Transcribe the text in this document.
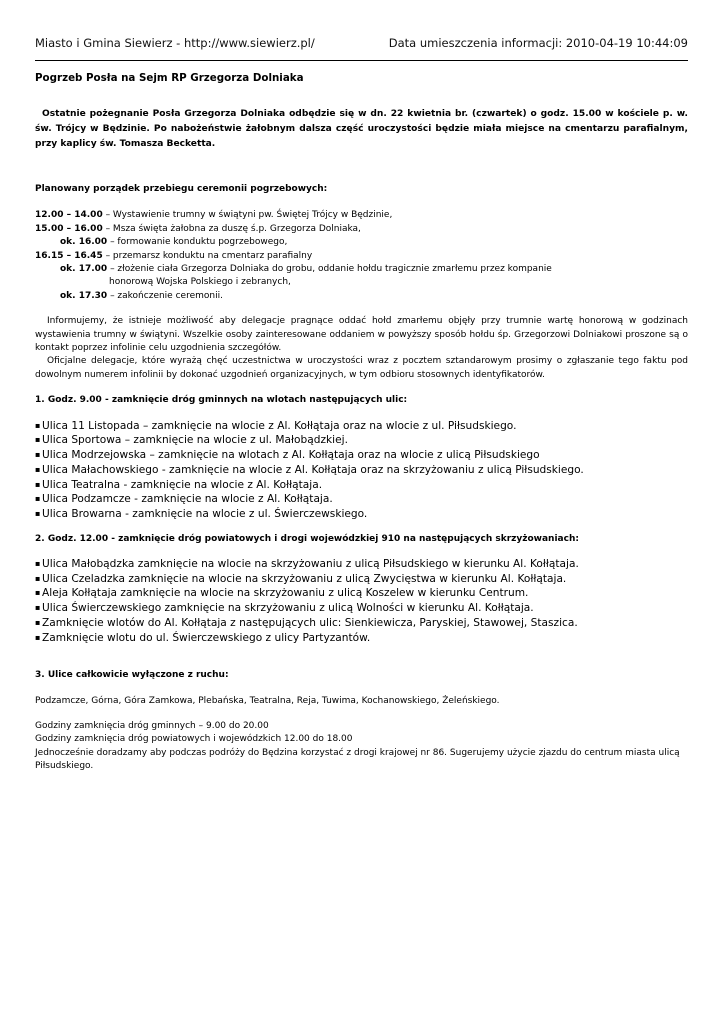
Miasto i Gmina Siewierz - http://www.siewierz.pl/	Data umieszczenia informacji: 2010-04-19 10:44:09

Pogrzeb Posła na Sejm RP Grzegorza Dolniaka

Ostatnie pożegnanie Posła Grzegorza Dolniaka odbędzie się w dn. 22 kwietnia br. (czwartek) o godz. 15.00 w kościele p. w. św. Trójcy w Będzinie. Po nabożeństwie żałobnym dalsza część uroczystości będzie miała miejsce na cmentarzu parafialnym, przy kaplicy św. Tomasza Becketta.

Planowany porządek przebiegu ceremonii pogrzebowych:

12.00 – 14.00 – Wystawienie trumny w świątyni pw. Świętej Trójcy w Będzinie,

15.00 – 16.00 – Msza święta żałobna za duszę ś.p. Grzegorza Dolniaka,

ok. 16.00 – formowanie konduktu pogrzebowego,

16.15 – 16.45 – przemarsz konduktu na cmentarz parafialny

ok. 17.00 – złożenie ciała Grzegorza Dolniaka do grobu, oddanie hołdu tragicznie zmarłemu przez kompanie

honorową Wojska Polskiego i zebranych,

ok. 17.30 – zakończenie ceremonii.

Informujemy, że istnieje możliwość aby delegacje pragnące oddać hołd zmarłemu objęły przy trumnie wartę honorową w godzinach wystawienia trumny w świątyni. Wszelkie osoby zainteresowane oddaniem w powyższy sposób hołdu śp. Grzegorzowi Dolniakowi proszone są o kontakt poprzez infolinie celu uzgodnienia szczegółów.

Oficjalne delegacje, które wyrażą chęć uczestnictwa w uroczystości wraz z pocztem sztandarowym prosimy o zgłaszanie tego faktu pod dowolnym numerem infolinii by dokonać uzgodnień organizacyjnych, w tym odbioru stosownych identyfikatorów.

1. Godz. 9.00 - zamknięcie dróg gminnych na wlotach następujących ulic:

▪ Ulica 11 Listopada – zamknięcie na wlocie z Al. Kołłątaja oraz na wlocie z ul. Piłsudskiego.
▪ Ulica Sportowa – zamknięcie na wlocie z ul. Małobądzkiej.
▪ Ulica Modrzejowska – zamknięcie na wlotach z Al. Kołłątaja oraz na wlocie z ulicą Piłsudskiego
▪ Ulica Małachowskiego - zamknięcie na wlocie z Al. Kołłątaja oraz na skrzyżowaniu z ulicą Piłsudskiego.
▪ Ulica Teatralna - zamknięcie na wlocie z Al. Kołłątaja.
▪ Ulica Podzamcze - zamknięcie na wlocie z Al. Kołłątaja.
▪ Ulica Browarna - zamknięcie na wlocie z ul. Świerczewskiego.

2. Godz. 12.00 - zamknięcie dróg powiatowych i drogi wojewódzkiej 910 na następujących skrzyżowaniach:

▪ Ulica Małobądzka zamknięcie na wlocie na skrzyżowaniu z ulicą Piłsudskiego w kierunku Al. Kołłątaja.
▪ Ulica Czeladzka zamknięcie na wlocie na skrzyżowaniu z ulicą Zwycięstwa w kierunku Al. Kołłątaja.
▪ Aleja Kołłątaja zamknięcie na wlocie na skrzyżowaniu z ulicą Koszelew w kierunku Centrum.
▪ Ulica Świerczewskiego zamknięcie na skrzyżowaniu z ulicą Wolności w kierunku Al. Kołłątaja.
▪ Zamknięcie wlotów do Al. Kołłątaja z następujących ulic: Sienkiewicza, Paryskiej, Stawowej, Staszica.
▪ Zamknięcie wlotu do ul. Świerczewskiego z ulicy Partyzantów.

3. Ulice całkowicie wyłączone z ruchu:

Podzamcze, Górna, Góra Zamkowa, Plebańska, Teatralna, Reja, Tuwima, Kochanowskiego, Żeleńskiego.

Godziny zamknięcia dróg gminnych – 9.00 do 20.00

Godziny zamknięcia dróg powiatowych i wojewódzkich 12.00 do 18.00

Jednocześnie doradzamy aby podczas podróży do Będzina korzystać z drogi krajowej nr 86. Sugerujemy użycie zjazdu do centrum miasta ulicą Piłsudskiego.
